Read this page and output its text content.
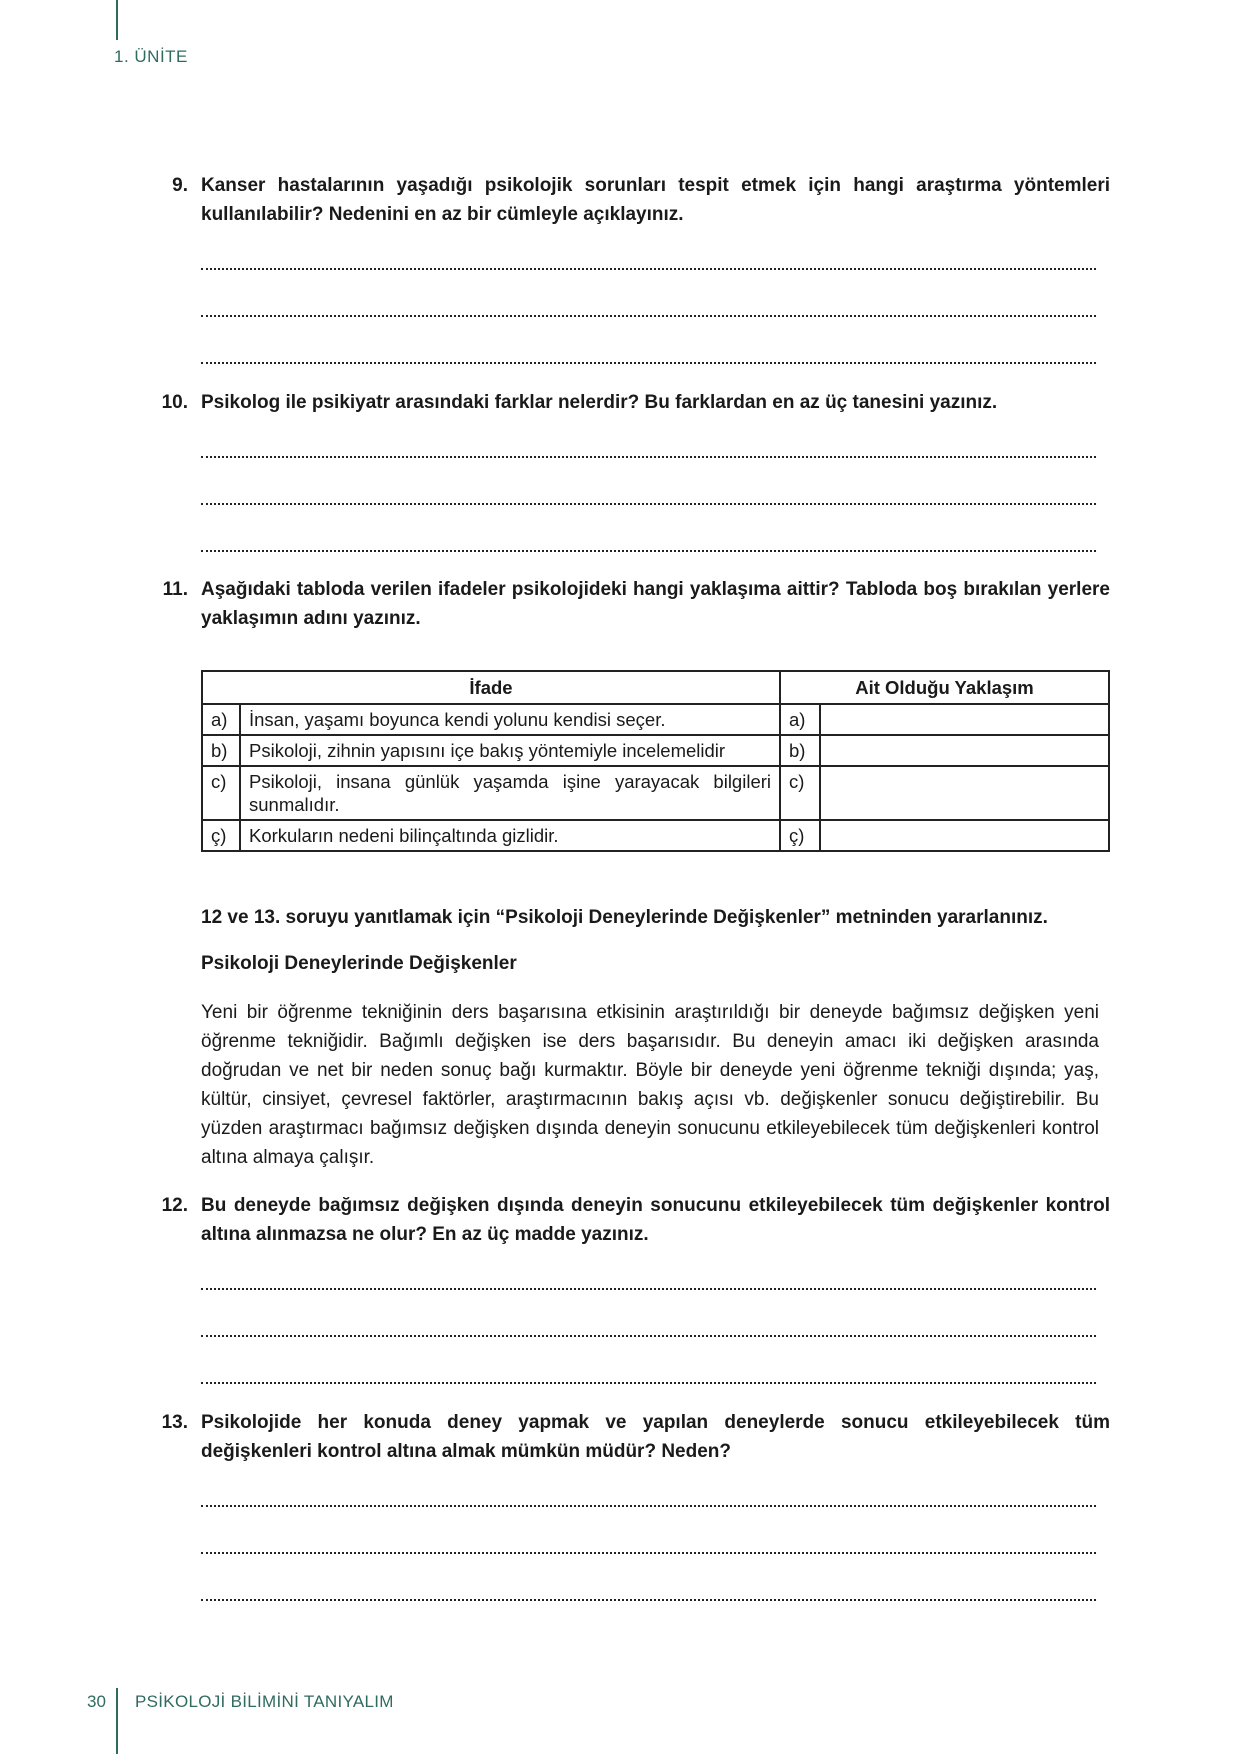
1. ÜNİTE
9. Kanser hastalarının yaşadığı psikolojik sorunları tespit etmek için hangi araştırma yöntemleri kullanılabilir? Nedenini en az bir cümleyle açıklayınız.
10. Psikolog ile psikiyatr arasındaki farklar nelerdir? Bu farklardan en az üç tanesini yazınız.
11. Aşağıdaki tabloda verilen ifadeler psikolojideki hangi yaklaşıma aittir? Tabloda boş bırakılan yerlere yaklaşımın adını yazınız.
İfade		Ait Olduğu Yaklaşım	
a)	İnsan, yaşamı boyunca kendi yolunu kendisi seçer.	a)	
b)	Psikoloji, zihnin yapısını içe bakış yöntemiyle incelemelidir	b)	
c)	Psikoloji, insana günlük yaşamda işine yarayacak bilgileri sunmalıdır.	c)	
ç)	Korkuların nedeni bilinçaltında gizlidir.	ç)	
12 ve 13. soruyu yanıtlamak için “Psikoloji Deneylerinde Değişkenler” metninden yararlanınız.
Psikoloji Deneylerinde Değişkenler
Yeni bir öğrenme tekniğinin ders başarısına etkisinin araştırıldığı bir deneyde bağımsız değişken yeni öğrenme tekniğidir. Bağımlı değişken ise ders başarısıdır. Bu deneyin amacı iki değişken arasında doğrudan ve net bir neden sonuç bağı kurmaktır. Böyle bir deneyde yeni öğrenme tekniği dışında; yaş, kültür, cinsiyet, çevresel faktörler, araştırmacının bakış açısı vb. değişkenler sonucu değiştirebilir. Bu yüzden araştırmacı bağımsız değişken dışında deneyin sonucunu etkileyebilecek tüm değişkenleri kontrol altına almaya çalışır.
12. Bu deneyde bağımsız değişken dışında deneyin sonucunu etkileyebilecek tüm değişkenler kontrol altına alınmazsa ne olur? En az üç madde yazınız.
13. Psikolojide her konuda deney yapmak ve yapılan deneylerde sonucu etkileyebilecek tüm değişkenleri kontrol altına almak mümkün müdür? Neden?
30 PSİKOLOJİ BİLİMİNİ TANIYALIM
